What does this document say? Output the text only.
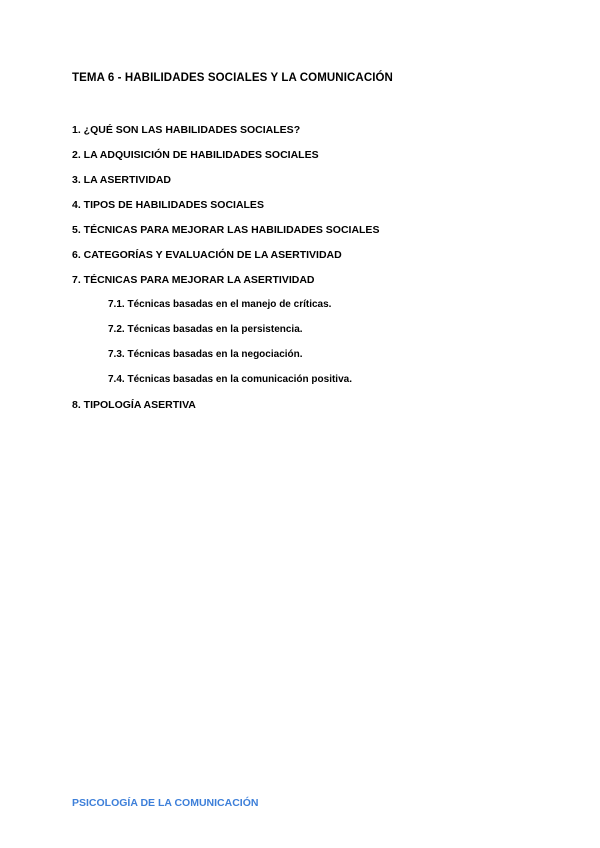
TEMA 6 - HABILIDADES SOCIALES Y LA COMUNICACIÓN
1. ¿QUÉ SON LAS HABILIDADES SOCIALES?
2. LA ADQUISICIÓN DE HABILIDADES SOCIALES
3. LA ASERTIVIDAD
4. TIPOS DE HABILIDADES SOCIALES
5. TÉCNICAS PARA MEJORAR LAS HABILIDADES SOCIALES
6. CATEGORÍAS Y EVALUACIÓN DE LA ASERTIVIDAD
7. TÉCNICAS PARA MEJORAR LA ASERTIVIDAD
7.1. Técnicas basadas en el manejo de críticas.
7.2. Técnicas basadas en la persistencia.
7.3. Técnicas basadas en la negociación.
7.4. Técnicas basadas en la comunicación positiva.
8. TIPOLOGÍA ASERTIVA
PSICOLOGÍA DE LA COMUNICACIÓN
